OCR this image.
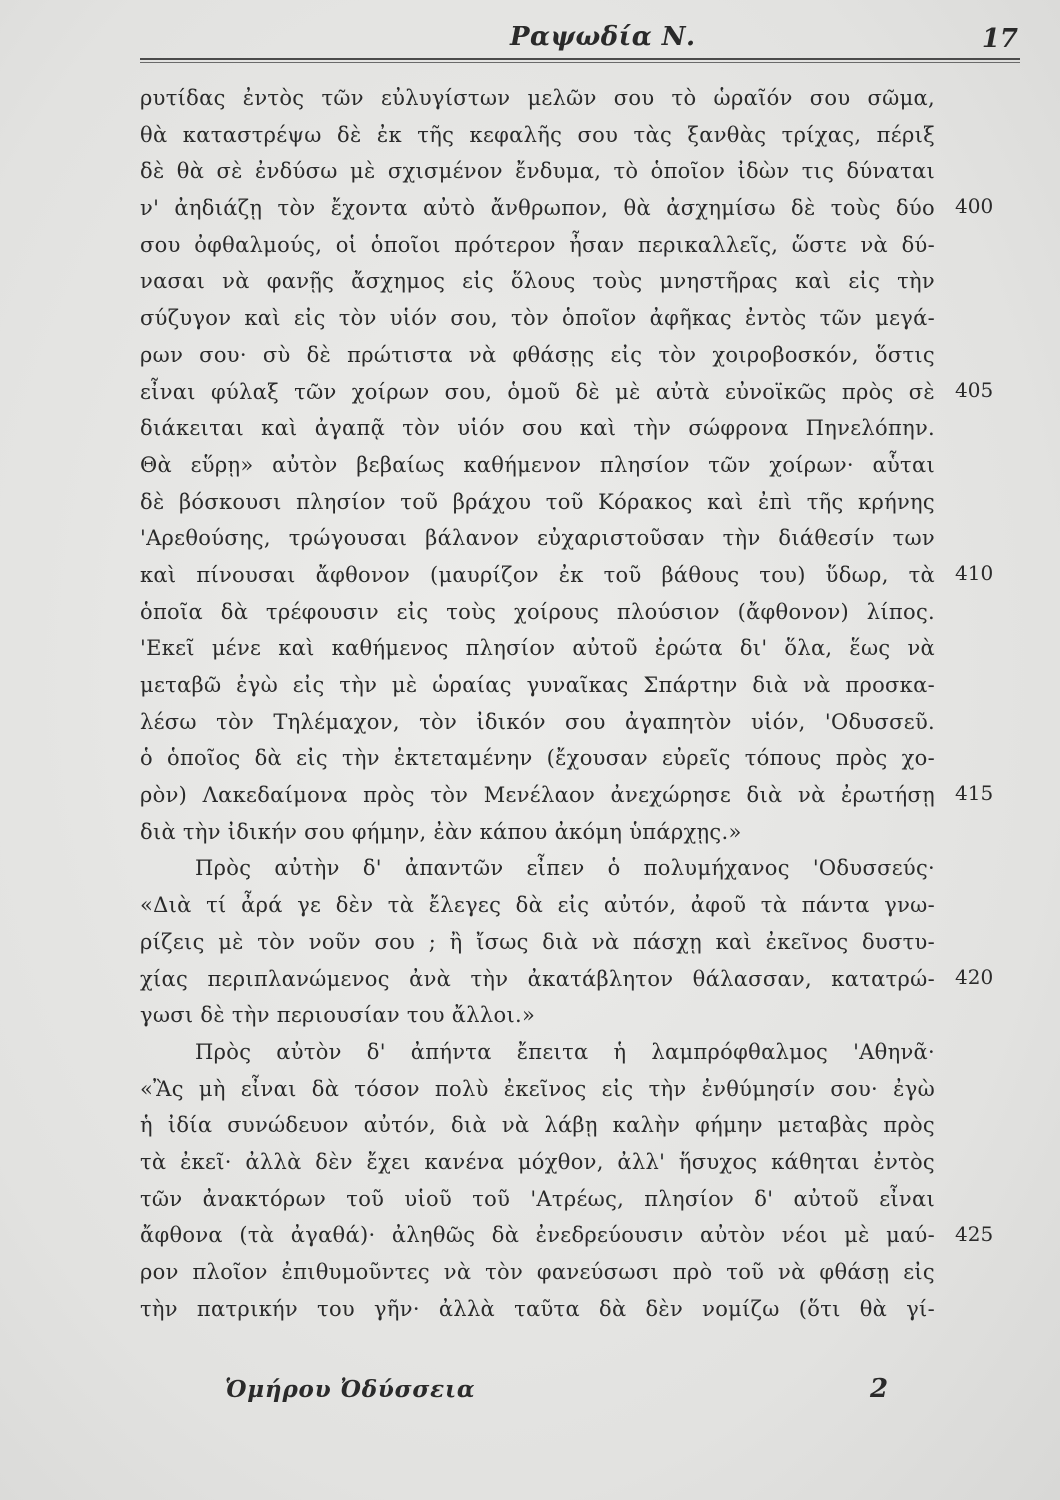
Ραψωδία Ν.	17
ρυτίδας ἐντὸς τῶν εὐλυγίστων μελῶν σου τὸ ὡραῖόν σου σῶμα,
θὰ καταστρέψω δὲ ἐκ τῆς κεφαλῆς σου τὰς ξανθὰς τρίχας, πέριξ
δὲ θὰ σὲ ἐνδύσω μὲ σχισμένον ἔνδυμα, τὸ ὁποῖον ἰδὼν τις δύναται
ν' ἀηδιάζῃ τὸν ἔχοντα αὐτὸ ἄνθρωπον, θὰ ἀσχημίσω δὲ τοὺς δύο
σου ὀφθαλμούς, οἱ ὁποῖοι πρότερον ἦσαν περικαλλεῖς, ὥστε νὰ δύ-
νασαι νὰ φανῇς ἄσχημος εἰς ὅλους τοὺς μνηστῆρας καὶ εἰς τὴν
σύζυγον καὶ εἰς τὸν υἱόν σου, τὸν ὁποῖον ἀφῆκας ἐντὸς τῶν μεγά-
ρων σου· σὺ δὲ πρώτιστα νὰ φθάσῃς εἰς τὸν χοιροβοσκόν, ὅστις
εἶναι φύλαξ τῶν χοίρων σου, ὁμοῦ δὲ μὲ αὐτὰ εὐνοϊκῶς πρὸς σὲ
διάκειται καὶ ἀγαπᾷ τὸν υἱόν σου καὶ τὴν σώφρονα Πηνελόπην.
Θὰ εὕρῃ» αὐτὸν βεβαίως καθήμενον πλησίον τῶν χοίρων· αὗται
δὲ βόσκουσι πλησίον τοῦ βράχου τοῦ Κόρακος καὶ ἐπὶ τῆς κρήνης
'Αρεθούσης, τρώγουσαι βάλανον εὐχαριστοῦσαν τὴν διάθεσίν των
καὶ πίνουσαι ἄφθονον (μαυρίζον ἐκ τοῦ βάθους του) ὕδωρ, τὰ
ὁποῖα δὰ τρέφουσιν εἰς τοὺς χοίρους πλούσιον (ἄφθονον) λίπος.
'Εκεῖ μένε καὶ καθήμενος πλησίον αὐτοῦ ἐρώτα δι' ὅλα, ἕως νὰ
μεταβῶ ἐγὼ εἰς τὴν μὲ ὡραίας γυναῖκας Σπάρτην διὰ νὰ προσκα-
λέσω τὸν Τηλέμαχον, τὸν ἰδικόν σου ἀγαπητὸν υἱόν, 'Οδυσσεῦ.
ὁ ὁποῖος δὰ εἰς τὴν ἐκτεταμένην (ἔχουσαν εὐρεῖς τόπους πρὸς χο-
ρὸν) Λακεδαίμονα πρὸς τὸν Μενέλαον ἀνεχώρησε διὰ νὰ ἐρωτήσῃ
διὰ τὴν ἰδικήν σου φήμην, ἐὰν κάπου ἀκόμη ὑπάρχῃς.»
Πρὸς αὐτὴν δ' ἀπαντῶν εἶπεν ὁ πολυμήχανος 'Οδυσσεύς·
«Διὰ τί ἆρά γε δὲν τὰ ἔλεγες δὰ εἰς αὐτόν, ἀφοῦ τὰ πάντα γνω-
ρίζεις μὲ τὸν νοῦν σου ; ἢ ἴσως διὰ νὰ πάσχῃ καὶ ἐκεῖνος δυστυ-
χίας περιπλανώμενος ἀνὰ τὴν ἀκατάβλητον θάλασσαν, κατατρώ-
γωσι δὲ τὴν περιουσίαν του ἄλλοι.»
Πρὸς αὐτὸν δ' ἀπήντα ἔπειτα ἡ λαμπρόφθαλμος 'Αθηνᾶ·
«Ἂς μὴ εἶναι δὰ τόσον πολὺ ἐκεῖνος εἰς τὴν ἐνθύμησίν σου· ἐγὼ
ἡ ἰδία συνώδευον αὐτόν, διὰ νὰ λάβῃ καλὴν φήμην μεταβὰς πρὸς
τὰ ἐκεῖ· ἀλλὰ δὲν ἔχει κανένα μόχθον, ἀλλ' ἥσυχος κάθηται ἐντὸς
τῶν ἀνακτόρων τοῦ υἱοῦ τοῦ 'Ατρέως, πλησίον δ' αὐτοῦ εἶναι
ἄφθονα (τὰ ἀγαθά)· ἀληθῶς δὰ ἐνεδρεύουσιν αὐτὸν νέοι μὲ μαύ-
ρον πλοῖον ἐπιθυμοῦντες νὰ τὸν φανεύσωσι πρὸ τοῦ νὰ φθάσῃ εἰς
τὴν πατρικήν του γῆν· ἀλλὰ ταῦτα δὰ δὲν νομίζω (ὅτι θὰ γί-
400
405
410
415
420
425
Ὁμήρου Ὀδύσσεια	2
